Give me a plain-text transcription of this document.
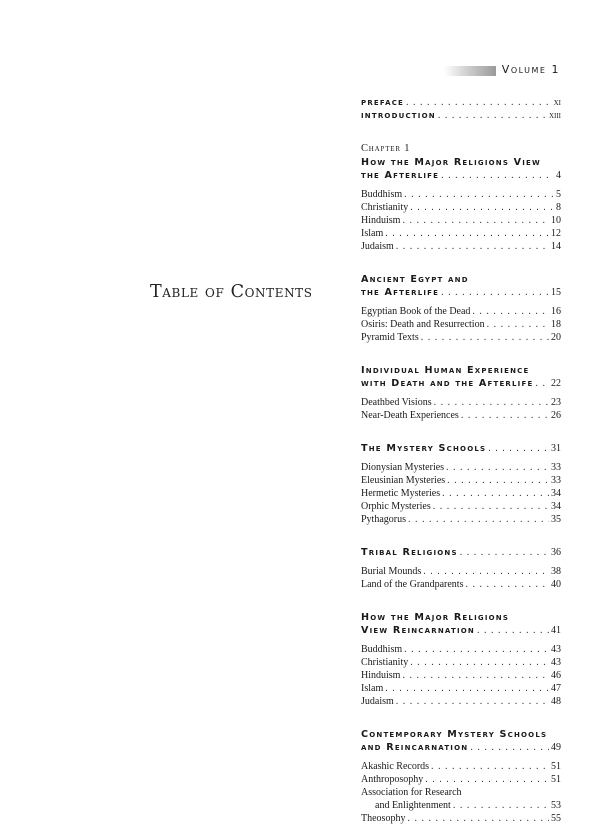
Volume 1
Table of Contents
preface . . .	xi
introduction . . .	xiii
Chapter 1
How the Major Religions View
the Afterlife . . .	4
Buddhism . . .	5
Christianity . . .	8
Hinduism . . .	10
Islam . . .	12
Judaism . . .	14
Ancient Egypt and
the Afterlife . . .	15
Egyptian Book of the Dead . . .	16
Osiris: Death and Resurrection . . .	18
Pyramid Texts . . .	20
Individual Human Experience
with Death and the Afterlife . . . 22
Deathbed Visions . . .	23
Near-Death Experiences . . .	26
The Mystery Schools . . .	31
Dionysian Mysteries . . .	33
Eleusinian Mysteries . . .	33
Hermetic Mysteries . . .	34
Orphic Mysteries . . .	34
Pythagorus . . .	35
Tribal Religions . . .	36
Burial Mounds . . .	38
Land of the Grandparents . . .	40
How the Major Religions
View Reincarnation . . .	41
Buddhism . . .	43
Christianity . . .	43
Hinduism . . .	46
Islam . . .	47
Judaism . . .	48
Contemporary Mystery Schools
and Reincarnation . . .	49
Akashic Records . . .	51
Anthroposophy . . .	51
Association for Research
and Enlightenment . . .	53
Theosophy . . .	55
